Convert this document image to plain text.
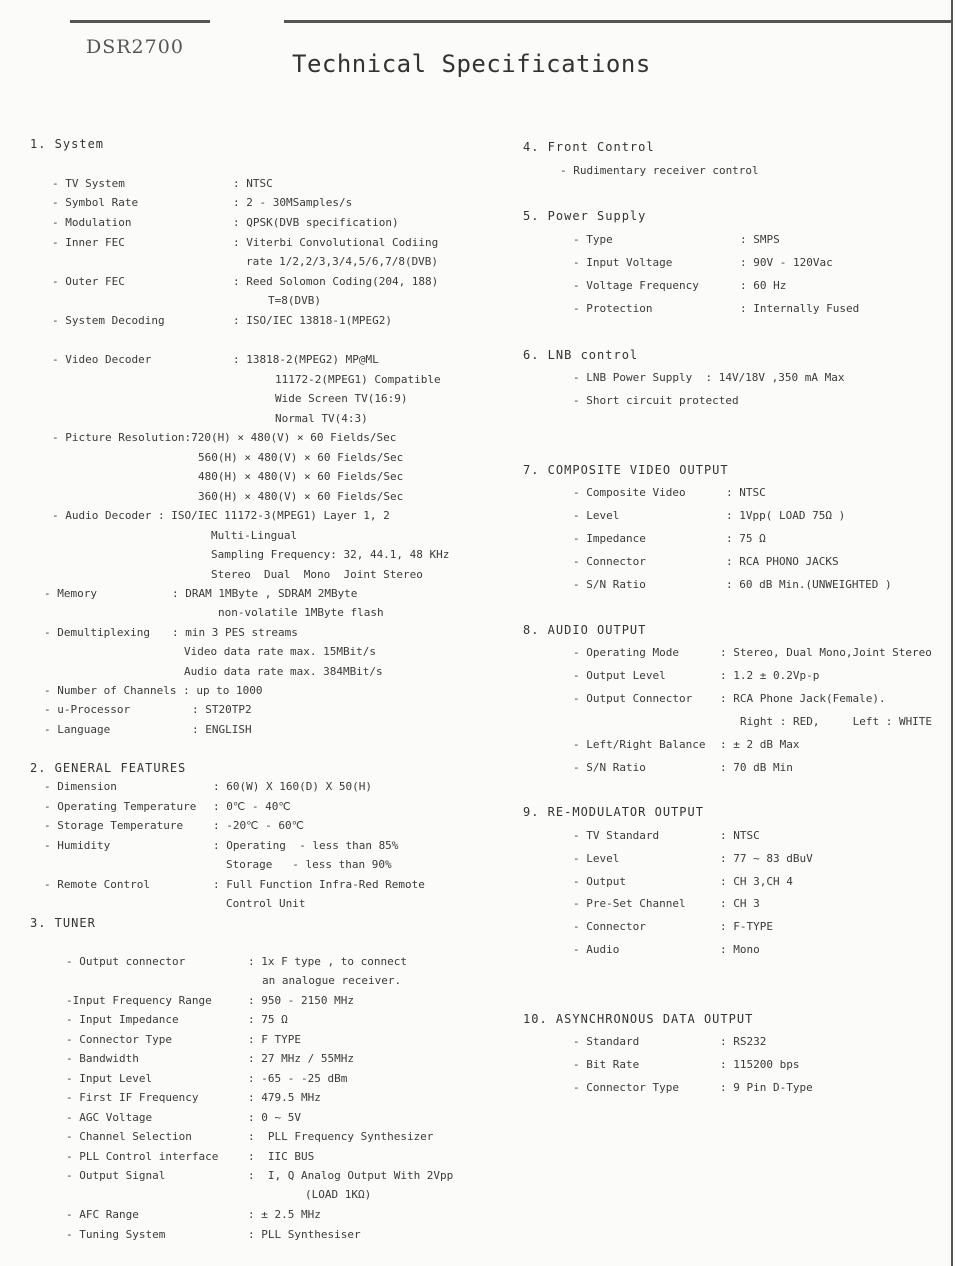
DSR2700
Technical Specifications
1. System
- TV System	: NTSC
- Symbol Rate	: 2 - 30MSamples/s
- Modulation	: QPSK(DVB specification)
- Inner FEC	: Viterbi Convolutional Codiing
rate 1/2,2/3,3/4,5/6,7/8(DVB)
- Outer FEC	: Reed Solomon Coding(204, 188)
T=8(DVB)
- System Decoding	: ISO/IEC 13818-1(MPEG2)
- Video Decoder	: 13818-2(MPEG2) MP@ML
11172-2(MPEG1) Compatible
Wide Screen TV(16:9)
Normal TV(4:3)
- Picture Resolution:720(H) × 480(V) × 60 Fields/Sec
560(H) × 480(V) × 60 Fields/Sec
480(H) × 480(V) × 60 Fields/Sec
360(H) × 480(V) × 60 Fields/Sec
- Audio Decoder : ISO/IEC 11172-3(MPEG1) Layer 1, 2
Multi-Lingual
Sampling Frequency: 32, 44.1, 48 KHz
Stereo  Dual  Mono  Joint Stereo
- Memory	: DRAM 1MByte , SDRAM 2MByte
non-volatile 1MByte flash
- Demultiplexing : min 3 PES streams
Video data rate max. 15MBit/s
Audio data rate max. 384MBit/s
- Number of Channels : up to 1000
- u-Processor	: ST20TP2
- Language	: ENGLISH
2. GENERAL FEATURES
- Dimension	: 60(W) X 160(D) X 50(H)
- Operating Temperature : 0℃ - 40℃
- Storage Temperature	: -20℃ - 60℃
- Humidity	: Operating  - less than 85%
Storage   - less than 90%
- Remote Control	: Full Function Infra-Red Remote
Control Unit
3. TUNER
- Output connector	: 1x F type , to connect
an analogue receiver.
-Input Frequency Range	: 950 - 2150 MHz
- Input Impedance	: 75 Ω
- Connector Type	: F TYPE
- Bandwidth	: 27 MHz / 55MHz
- Input Level	: -65 - -25 dBm
- First IF Frequency	: 479.5 MHz
- AGC Voltage	: 0 ~ 5V
- Channel Selection	:  PLL Frequency Synthesizer
- PLL Control interface	:  IIC BUS
- Output Signal	:  I, Q Analog Output With 2Vpp
(LOAD 1KΩ)
- AFC Range	: ± 2.5 MHz
- Tuning System	: PLL Synthesiser
4. Front Control
- Rudimentary receiver control
5. Power Supply
- Type	: SMPS
- Input Voltage	: 90V - 120Vac
- Voltage Frequency	: 60 Hz
- Protection	: Internally Fused
6. LNB control
- LNB Power Supply  : 14V/18V ,350 mA Max
- Short circuit protected
7. COMPOSITE VIDEO OUTPUT
- Composite Video	: NTSC
- Level	: 1Vpp( LOAD 75Ω )
- Impedance	: 75 Ω
- Connector	: RCA PHONO JACKS
- S/N Ratio	: 60 dB Min.(UNWEIGHTED )
8. AUDIO OUTPUT
- Operating Mode	: Stereo, Dual Mono,Joint Stereo
- Output Level	: 1.2 ± 0.2Vp-p
- Output Connector	: RCA Phone Jack(Female).
Right : RED,     Left : WHITE
- Left/Right Balance : ± 2 dB Max
- S/N Ratio	: 70 dB Min
9. RE-MODULATOR OUTPUT
- TV Standard	: NTSC
- Level	: 77 ~ 83 dBuV
- Output	: CH 3,CH 4
- Pre-Set Channel	: CH 3
- Connector	: F-TYPE
- Audio	: Mono
10. ASYNCHRONOUS DATA OUTPUT
- Standard	: RS232
- Bit Rate	: 115200 bps
- Connector Type	: 9 Pin D-Type
